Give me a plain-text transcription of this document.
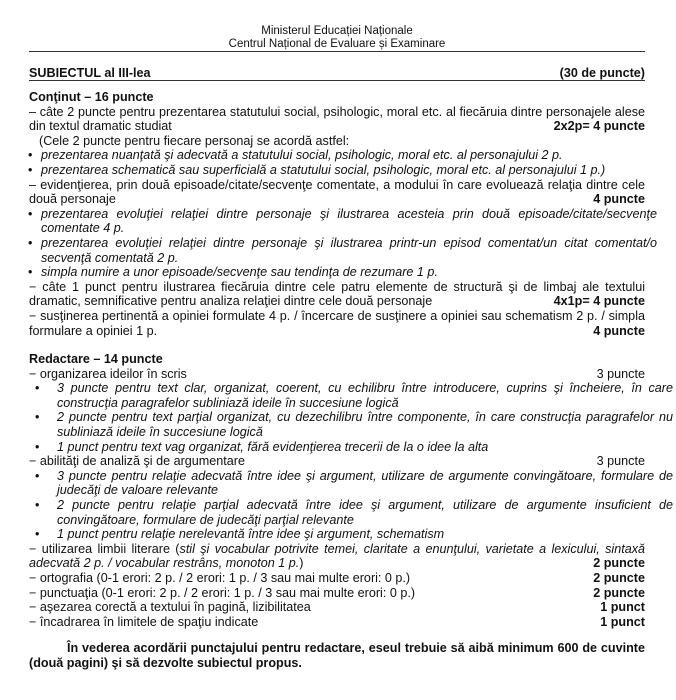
Ministerul Educației Naționale
Centrul Național de Evaluare și Examinare
SUBIECTUL al III-lea	(30 de puncte)
Conţinut – 16 puncte
– câte 2 puncte pentru prezentarea statutului social, psihologic, moral etc. al fiecăruia dintre personajele alese din textul dramatic studiat	2x2p= 4 puncte
(Cele 2 puncte pentru fiecare personaj se acordă astfel:
• prezentarea nuanţată şi adecvată a statutului social, psihologic, moral etc. al personajului 2 p.
• prezentarea schematică sau superficială a statutului social, psihologic, moral etc. al personajului 1 p.)
– evidenţierea, prin două episoade/citate/secvenţe comentate, a modului în care evoluează relaţia dintre cele două personaje	4 puncte
• prezentarea evoluţiei relaţiei dintre personaje şi ilustrarea acesteia prin două episoade/citate/secvenţe comentate 4 p.
• prezentarea evoluţiei relaţiei dintre personaje şi ilustrarea printr-un episod comentat/un citat comentat/o secvenţă comentată 2 p.
• simpla numire a unor episoade/secvenţe sau tendinţa de rezumare 1 p.
− câte 1 punct pentru ilustrarea fiecăruia dintre cele patru elemente de structură şi de limbaj ale textului dramatic, semnificative pentru analiza relaţiei dintre cele două personaje	4x1p= 4 puncte
− susţinerea pertinentă a opiniei formulate 4 p. / încercare de susţinere a opiniei sau schematism 2 p. / simpla formulare a opiniei 1 p.	4 puncte
Redactare – 14 puncte
− organizarea ideilor în scris	3 puncte
• 3 puncte pentru text clar, organizat, coerent, cu echilibru între introducere, cuprins şi încheiere, în care construcţia paragrafelor subliniază ideile în succesiune logică
• 2 puncte pentru text parţial organizat, cu dezechilibru între componente, în care construcţia paragrafelor nu subliniază ideile în succesiune logică
• 1 punct pentru text vag organizat, fără evidenţierea trecerii de la o idee la alta
− abilităţi de analiză şi de argumentare	3 puncte
• 3 puncte pentru relaţie adecvată între idee şi argument, utilizare de argumente convingătoare, formulare de judecăţi de valoare relevante
• 2 puncte pentru relaţie parţial adecvată între idee şi argument, utilizare de argumente insuficient de convingătoare, formulare de judecăţi parţial relevante
• 1 punct pentru relaţie nerelevantă între idee şi argument, schematism
− utilizarea limbii literare (stil şi vocabular potrivite temei, claritate a enunţului, varietate a lexicului, sintaxă adecvată 2 p. / vocabular restrâns, monoton 1 p.)	2 puncte
− ortografia (0-1 erori: 2 p. / 2 erori: 1 p. / 3 sau mai multe erori: 0 p.)	2 puncte
− punctuaţia (0-1 erori: 2 p. / 2 erori: 1 p. / 3 sau mai multe erori: 0 p.)	2 puncte
− aşezarea corectă a textului în pagină, lizibilitatea	1 punct
− încadrarea în limitele de spaţiu indicate	1 punct
În vederea acordării punctajului pentru redactare, eseul trebuie să aibă minimum 600 de cuvinte (două pagini) şi să dezvolte subiectul propus.
